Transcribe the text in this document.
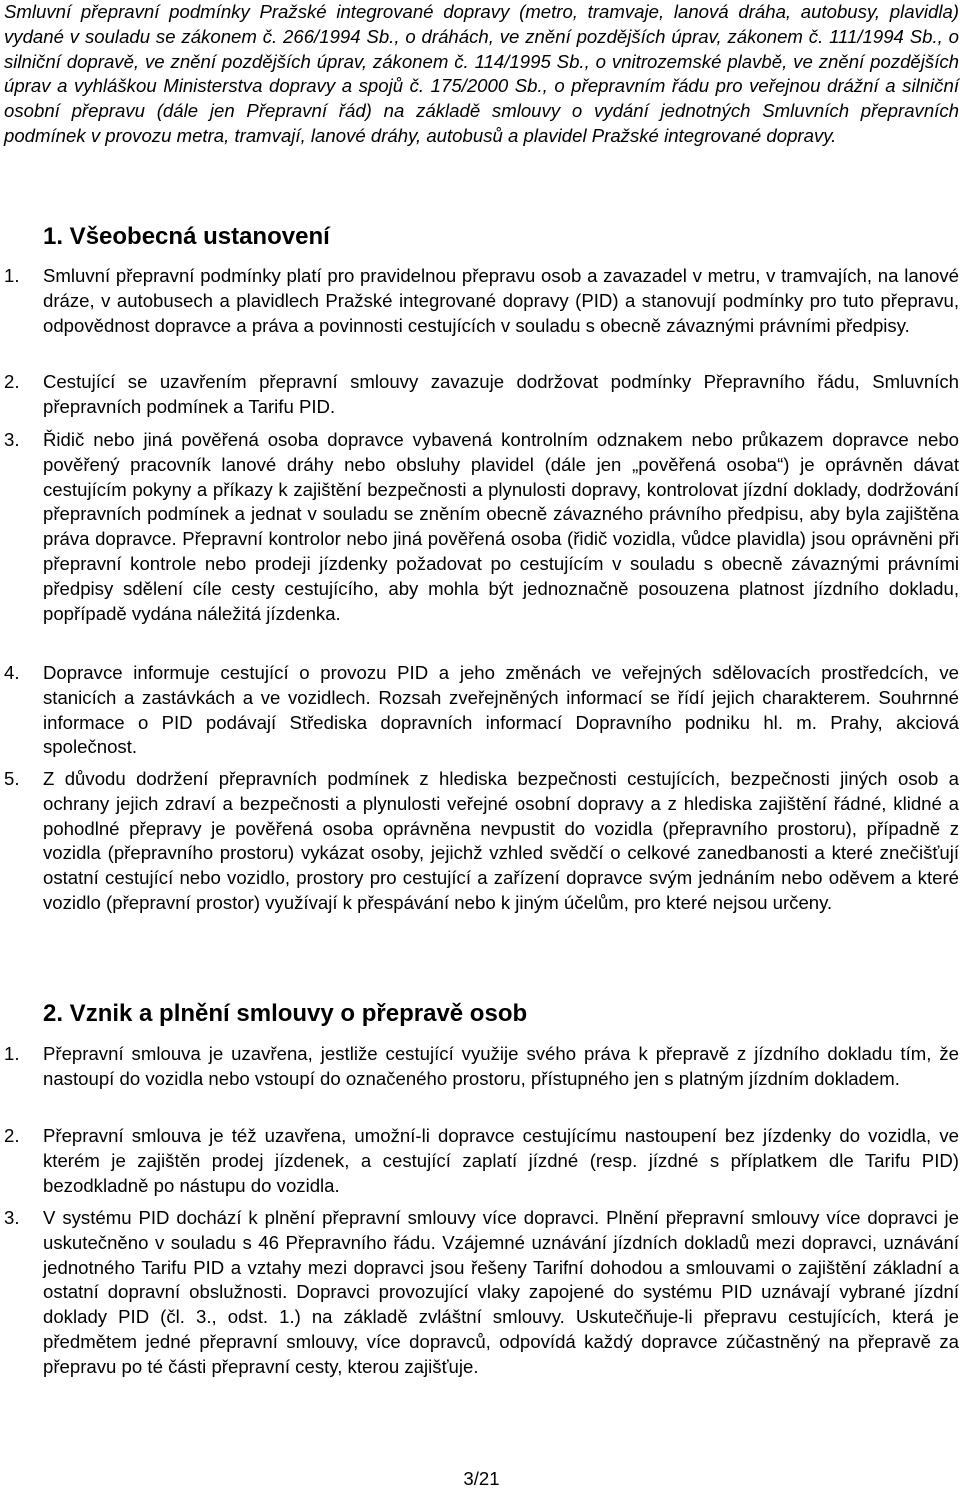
Smluvní přepravní podmínky Pražské integrované dopravy (metro, tramvaje, lanová dráha, autobusy, plavidla) vydané v souladu se zákonem č. 266/1994 Sb., o dráhách, ve znění pozdějších úprav, zákonem č. 111/1994 Sb., o silniční dopravě, ve znění pozdějších úprav, zákonem č. 114/1995 Sb., o vnitrozemské plavbě, ve znění pozdějších úprav a vyhláškou Ministerstva dopravy a spojů č. 175/2000 Sb., o přepravním řádu pro veřejnou drážní a silniční osobní přepravu (dále jen Přepravní řád) na základě smlouvy o vydání jednotných Smluvních přepravních podmínek v provozu metra, tramvají, lanové dráhy, autobusů a plavidel Pražské integrované dopravy.

1. Všeobecná ustanovení
1.	Smluvní přepravní podmínky platí pro pravidelnou přepravu osob a zavazadel v metru, v tramvajích, na lanové dráze, v autobusech a plavidlech Pražské integrované dopravy (PID) a stanovují podmínky pro tuto přepravu, odpovědnost dopravce a práva a povinnosti cestujících v souladu s obecně závaznými právními předpisy.

2.	Cestující se uzavřením přepravní smlouvy zavazuje dodržovat podmínky Přepravního řádu, Smluvních přepravních podmínek a Tarifu PID.

3.	Řidič nebo jiná pověřená osoba dopravce vybavená kontrolním odznakem nebo průkazem dopravce nebo pověřený pracovník lanové dráhy nebo obsluhy plavidel (dále jen „pověřená osoba“) je oprávněn dávat cestujícím pokyny a příkazy k zajištění bezpečnosti a plynulosti dopravy, kontrolovat jízdní doklady, dodržování přepravních podmínek a jednat v souladu se zněním obecně závazného právního předpisu, aby byla zajištěna práva dopravce. Přepravní kontrolor nebo jiná pověřená osoba (řidič vozidla, vůdce plavidla) jsou oprávněni při přepravní kontrole nebo prodeji jízdenky požadovat po cestujícím v souladu s obecně závaznými právními předpisy sdělení cíle cesty cestujícího, aby mohla být jednoznačně posouzena platnost jízdního dokladu, popřípadě vydána náležitá jízdenka.

4.	Dopravce informuje cestující o provozu PID a jeho změnách ve veřejných sdělovacích prostředcích, ve stanicích a zastávkách a ve vozidlech. Rozsah zveřejněných informací se řídí jejich charakterem. Souhrnné informace o PID podávají Střediska dopravních informací Dopravního podniku hl. m. Prahy, akciová společnost.

5.	Z důvodu dodržení přepravních podmínek z hlediska bezpečnosti cestujících, bezpečnosti jiných osob a ochrany jejich zdraví a bezpečnosti a plynulosti veřejné osobní dopravy a z hlediska zajištění řádné, klidné a pohodlné přepravy je pověřená osoba oprávněna nevpustit do vozidla (přepravního prostoru), případně z vozidla (přepravního prostoru) vykázat osoby, jejichž vzhled svědčí o celkové zanedbanosti a které znečišťují ostatní cestující nebo vozidlo, prostory pro cestující a zařízení dopravce svým jednáním nebo oděvem a které vozidlo (přepravní prostor) využívají k přespávání nebo k jiným účelům, pro které nejsou určeny.

2. Vznik a plnění smlouvy o přepravě osob
1.	Přepravní smlouva je uzavřena, jestliže cestující využije svého práva k přepravě z jízdního dokladu tím, že nastoupí do vozidla nebo vstoupí do označeného prostoru, přístupného jen s platným jízdním dokladem.

2.	Přepravní smlouva je též uzavřena, umožní-li dopravce cestujícímu nastoupení bez jízdenky do vozidla, ve kterém je zajištěn prodej jízdenek, a cestující zaplatí jízdné (resp. jízdné s příplatkem dle Tarifu PID) bezodkladně po nástupu do vozidla.

3.	V systému PID dochází k plnění přepravní smlouvy více dopravci. Plnění přepravní smlouvy více dopravci je uskutečněno v souladu s 46 Přepravního řádu. Vzájemné uznávání jízdních dokladů mezi dopravci, uznávání jednotného Tarifu PID a vztahy mezi dopravci jsou řešeny Tarifní dohodou a smlouvami o zajištění základní a ostatní dopravní obslužnosti. Dopravci provozující vlaky zapojené do systému PID uznávají vybrané jízdní doklady PID (čl. 3., odst. 1.) na základě zvláštní smlouvy. Uskutečňuje-li přepravu cestujících, která je předmětem jedné přepravní smlouvy, více dopravců, odpovídá každý dopravce zúčastněný na přepravě za přepravu po té části přepravní cesty, kterou zajišťuje.

3/21
